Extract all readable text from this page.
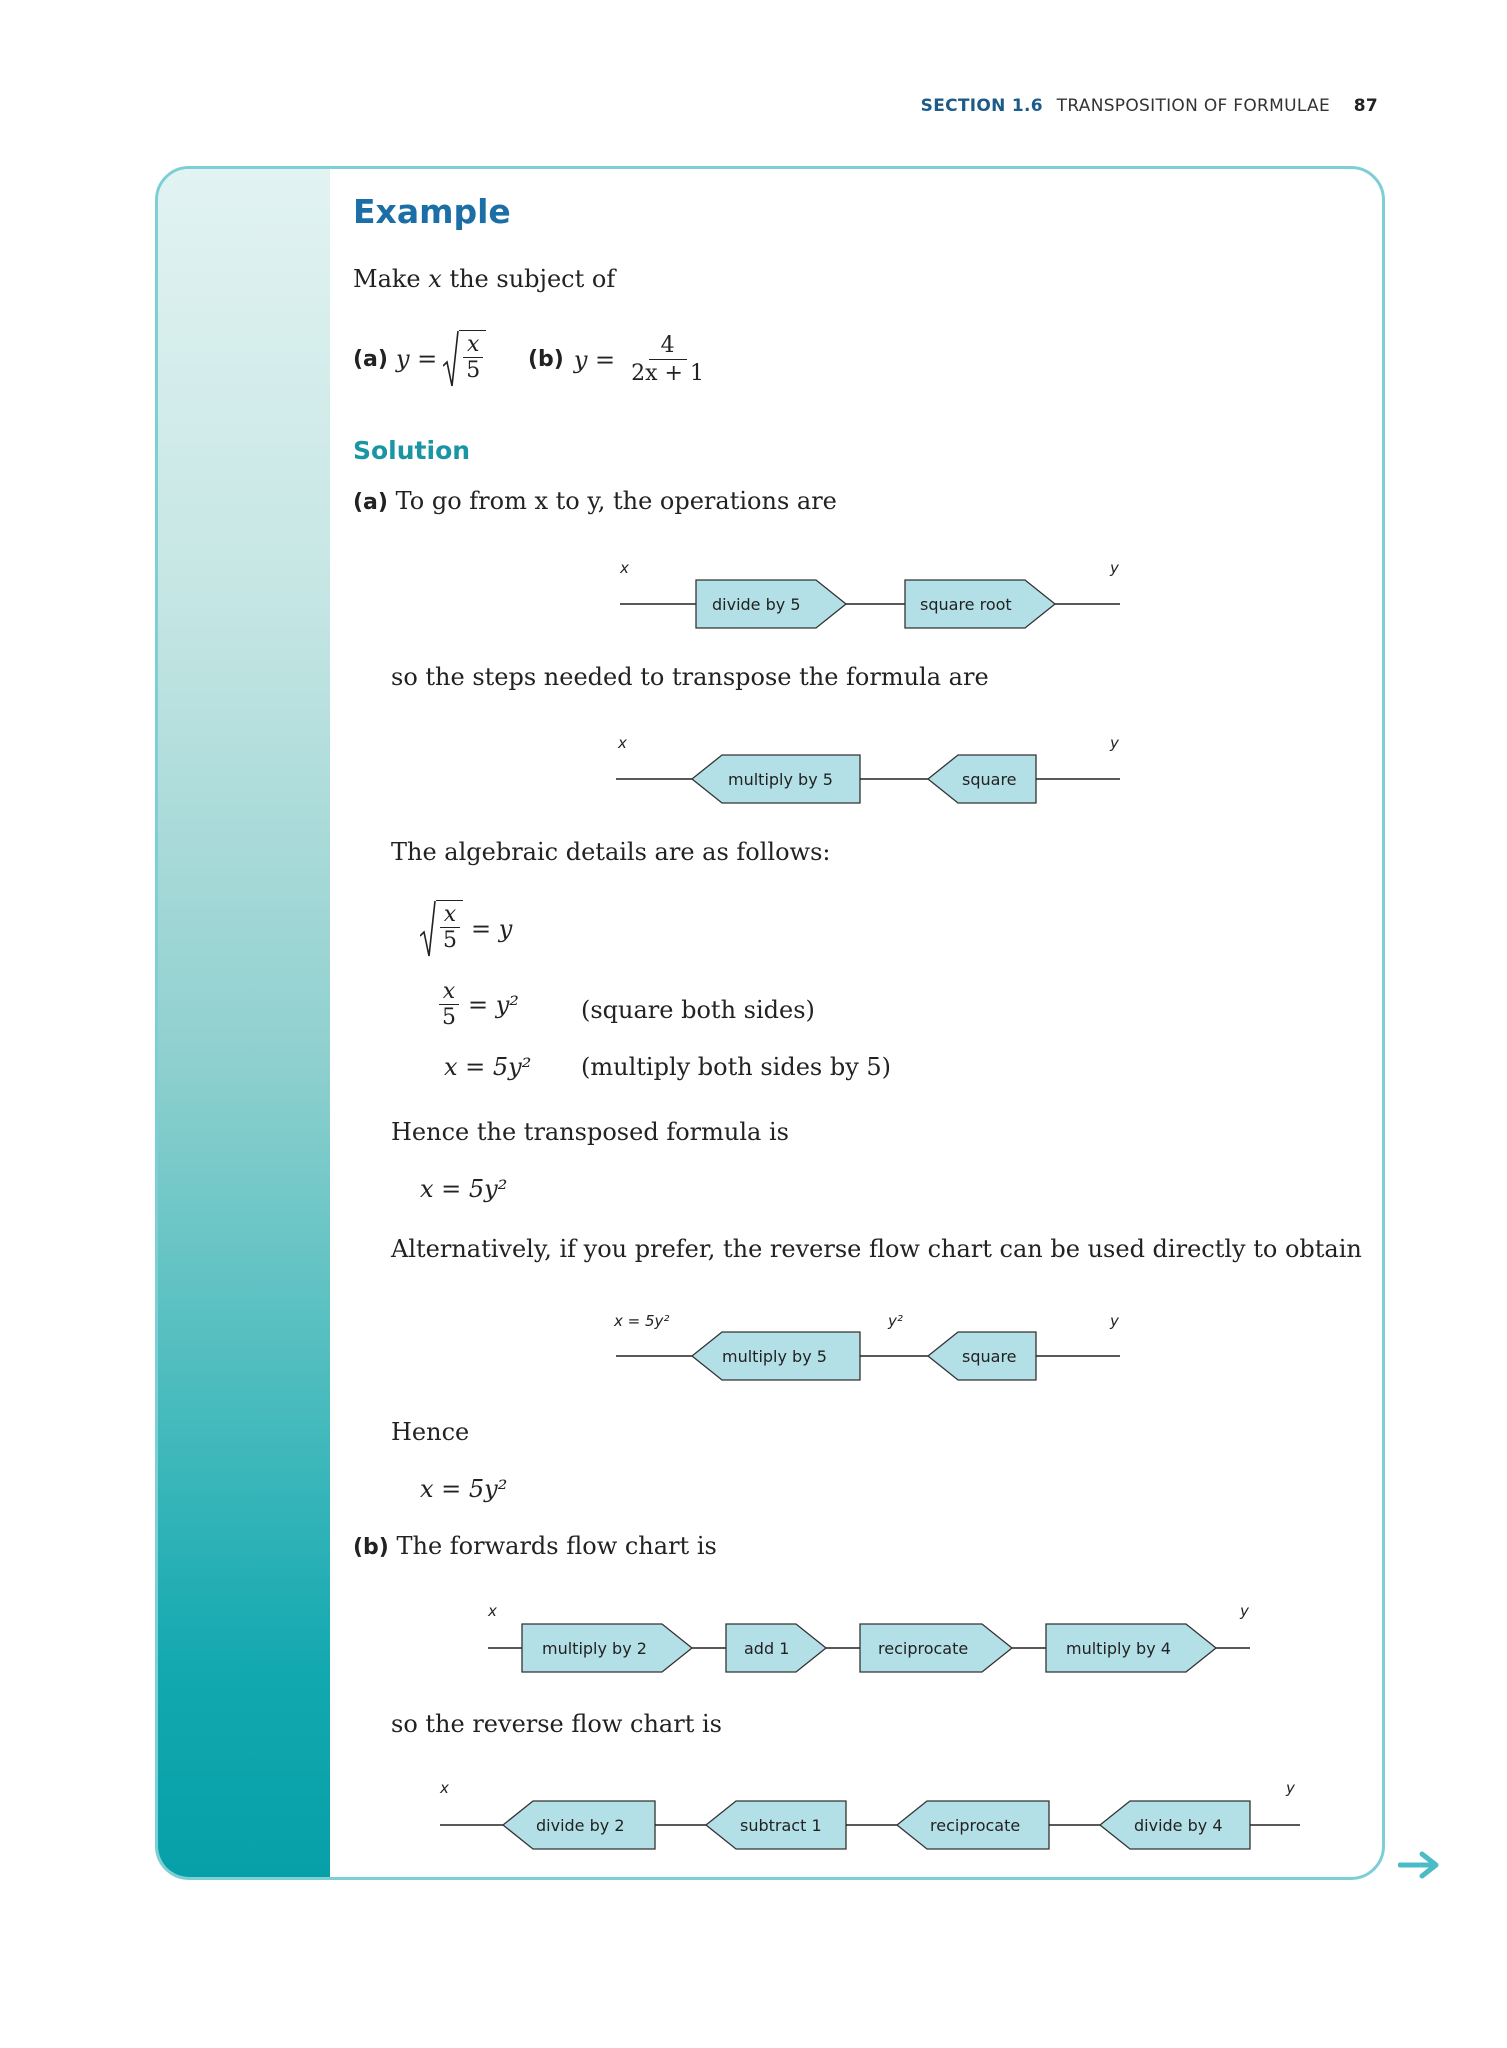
SECTION 1.6 TRANSPOSITION OF FORMULAE 87
Example
Make x the subject of
(a) $y = \frac{x}{5} (b) y = \frac{4}{2x + 1}$
Solution
(a) To go from x to y, the operations are
x	y
divide by 5	square root
x	y
multiply by 5	square
x = 5y²	y²	y
multiply by 5	square
x	y
multiply by 2	add 1	reciprocate	multiply by 4
x	y
divide by 2	subtract 1	reciprocate	divide by 4
so the steps needed to transpose the formula are
The algebraic details are as follows:
$\frac{x}{5} = y$
$\frac{x}{5} = y^2$	(square both sides)
x = 5y² (multiply both sides by 5)
Hence the transposed formula is
x = 5y²
Alternatively, if you prefer, the reverse flow chart can be used directly to obtain
Hence
x = 5y²
(b) The forwards flow chart is
so the reverse flow chart is
